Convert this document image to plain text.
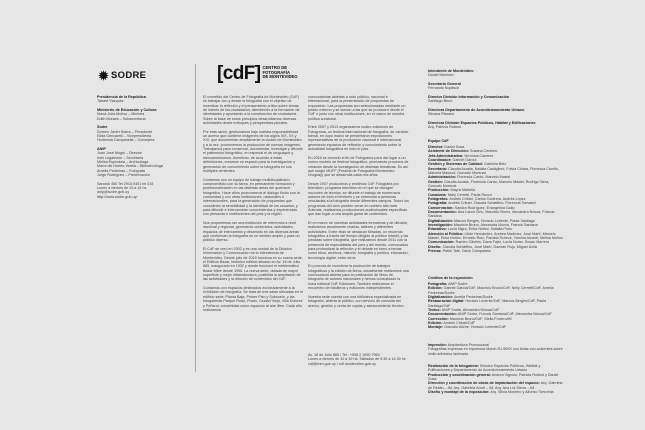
SODRE
Presidencia de la República
Tabaré Vázquez
Ministerio de Educación y Cultura
María Julia Muñoz – Ministra
Edith Moraes – Subsecretaria
Sodre
Doreen Javier Ibarra – Presidente
Elida Gencarelli – Vicepresidenta
Hortensia Campanella – Consejera
ANIP
Juan José Mogni – Director
Inés Legaleone – Secretaria
Melisa Espíndola – Archivóloga
María del Huerto Varela – Bibliotecóloga
Amelia Pedreiras – Fotógrafa
Jorge Rodríguez – Preservación
Sarandí 450 Tel 2915 0401 int 315
Lunes a viernes de 10 a 16 hs
anip@sodre.gub.uy
http://www.sodre.gub.uy/
[cdF] CENTRO DE
FOTOGRAFÍA
DE MONTEVIDEO

El cometido del Centro de Fotografía de Montevideo (CdF) es trabajar con y desde la fotografía con el objetivo de incentivar la reflexión y el pensamiento crítico sobre temas de interés de los ciudadanos, atendiendo a la formación de identidades y apuntando a la construcción de ciudadanía. Sobre la base de estos principios desarrollamos diversas actividades desde enfoques y perspectivas plurales.

Por esta razón, gestionamos bajo nuestra responsabilidad un acervo que contiene imágenes de los siglos XIX, XX y XXI, que documentan ampliamente la ciudad de Montevideo y a la vez, promovemos la producción de nuevas imágenes. Trabajamos para conservar, documentar, investigar y difundir el patrimonio fotográfico, en especial el de uruguayos y latinoamericanos. Asimismo, de acuerdo a estas definiciones, creamos un espacio para la investigación y generación de conocimiento sobre la fotografía en sus múltiples vertientes.

Contamos con un equipo de trabajo multidisciplinario, comprometido con su tarea, en permanente formación y profesionalización en las distintas áreas del quehacer fotográfico. Hace años promovemos el diálogo fluido con la comunidad y con otras instituciones, nacionales e internacionales, para la generación de propuestas que consideren la sensibilidad y la identidad de los usuarios, y para difundir e intercambiar conocimientos y experiencias con personas e instituciones del país y la región.

Nos proponemos ser una institución de referencia a nivel nacional y regional, generando contenidos, actividades, espacios de intercambio y desarrollo en las diversas áreas que conforman la fotografía en un sentido amplio y para un público diverso.

El CdF se creó en 2002 y es una unidad de la División Información y Comunicación de la Intendencia de Montevideo. Desde julio de 2015 funciona en su nueva sede, el Edificio Bazar, histórico edificio situado en Av. 18 de Julio 885, inaugurado en 1932 y donde funcionó el emblemático Bazar Mitre desde 1956. La nueva sede, dotada de mayor superficie y mejor infraestructura, posibilita la ampliación de las actividades y la difusión de contenidos del CdF.

Contamos con espacios destinados exclusivamente a la exhibición de fotografía. Se trata de tres salas ubicadas en el edificio sede: Planta Baja, Primer Piso y Subsuelo, y las fotogalerías Parque Rodó, Prado, Ciudad Vieja, Villa Dolores y Peñarol, concebidas como espacios al aire libre. Cada año realizamos

convocatorias abiertas a todo público, nacional e internacional, para la presentación de propuestas de exposición. Las propuestas son seleccionadas mediante un jurado externo y se suman a las que se producen desde el CdF o junto con otras instituciones, en el marco de nuestra política curatorial.

Entre 2007 y 2013 organizamos cuatro ediciones de Fotograma, un festival internacional de fotografía, de carácter bienal, en cuyo marco se presentaron exposiciones representativas de la producción nacional e internacional, generando espacios de reflexión y conocimiento sobre la actualidad fotográfica en todo el país.

En 2016 se anunció el fin de Fotograma para dar lugar a un nuevo modelo de festival fotográfico, priorizando procesos de creación desde la investigación de distintas temáticas. Es así que surgió MUFF (Festival de Fotografía Montevideo Uruguay) que se desarrolla cada dos años.

Desde 2007 producimos y emitimos CdF Fotografía por televisión, programa televisivo en el que se divulgan nociones de técnica, se difunde el trabajo de numerosos autores de todo el territorio y se entrevista a personas vinculadas a la fotografía desde diferentes campos. Todos los programas del ciclo pueden verse en nuestro sitio web. Además, realizamos producciones audiovisuales específicas que dan lugar a una amplia gama de contenidos.

En el marco de nuestras actividades formativas y de difusión, realizamos anualmente charlas, talleres y diferentes actividades. Entre ellas se destacan Miradas, un recorrido fotográfico a través del tiempo dirigido al público infantil, y las jornadas sobre fotografía, que realizamos desde 2011 con la presencia de especialistas del país y del mundo, convocados para profundizar la reflexión y el debate en torno a temas como ética, archivos, historia, fotografía y política, educación, tecnología digital, entre otros.

En procura de incentivar la producción de trabajos fotográficos y la edición de libros, anualmente realizamos una convocatoria abierta para la publicación de libros de fotografía de autores nacionales y hemos consolidado la línea editorial CdF Ediciones. También realizamos el encuentro de fotolibros y ediciones independientes.

Nuestra sede cuenta con una biblioteca especializada en fotografía, abierta al público, con servicio de consulta del acervo, gestión y venta de copias y asesoramiento técnico.

Av. 18 de Julio 885 / Tel.: +598 2 1950 7960
Lunes a viernes de 10 a 19 hs. Sábados de 9.30 a 14.30 hs
cdf@imm.gub.uy / cdf.montevideo.gub.uy
Intendente de Montevideo
Daniel Martínez
Secretario General
Fernando Nopitsch
Director División Información y Comunicación
Santiago Brum
Directora Departamento de Acondicionamiento Urbano
Silvana Pissano
Directora División Espacios Públicos, Hábitat y Edificaciones
Arq. Patricia Roland
Equipo CdF
Director: Daniel Sosa
Asistente de Dirección: Susana Centeno
Jefa Administrativa: Verónica Cáceres
Coordinador: Gabriel García
Gestión y Sistemas de Calidad: Gabriela Belo
Secretaría: Claudia Acosta, Natalia Castiglioni, Fulvia Chiara, Florencia Cruells, Marcela Masood, Gonzalo Morenat
Administración: Florencia Cardo, Marcelo Masiel
Gestión: Claudia Acosta, Florencia Cardo, Marcelo Masiel, Rodrigo Viera, Gonzalo Morenat
Producción: Mayra Martella
Curaduría: Nelly Cerretti, Paola Rocco
Fotógrafos: Andrés Cribari, Carlos Contrera, Andrés López
Fotografía: Andrés Cribari, Claudia Schiaffino, Florencia Tomasini
Conservación: Sandra Rodríguez, Evangelina Gallo
Documentación: Ana Laura Cirio, Mauricio Bruno, Alexandra Nóvoa, Francis Santana
Digitalización: Marcos Bergés, Horacio Loriente, Paola Santiago
Investigación: Mauricio Bruno, Alexandra Nóvoa, Francis Santana
Educativo: Lucía Nigro, Erika Núñez, Natalia Porto
Atención al Público: Lilián Hernández, Andrea Martínez, José Martí, Marcelo Masiel, Erika Núñez, Ernesto Ruiz, Pamela Scheck, Yamina Aicardi, Melina Muñoz
Comunicación: Ramiro Cibeles, Dana Fajer, Lucía Nolan, Susan Marrero
Diseño: Claudia Schiaffino, José Martí, Damián Rojo, Miguel Ávila
Prensa: Pablo Tate, Darío Campalans
Créditos de la exposición
Fotografía: ANIP Sodre
Edición: Gabriel García/CdF, Mauricio Bruno/CdF, Nelly Cerretti/CdF, Amelia Pedreiras/Sodre
Digitalización: Amelia Pedreiras/Sodre
Restauración digital: Horacio Loriente/CdF, Marcos Bergés/CdF, Paola Santiago/CdF
Textos: ANIP Sodre, Alexandra Nóvoa/CdF
Documentación: ANIP Sodre, Francis Santana/CdF, Alexandra Nóvoa/CdF
Corrección: Mauricio Bruno/CdF, Stella Forrero/IM
Edición: Andrés Cribari/CdF
Montaje: Gonzalo Aliche, Horacio Loriente/CdF
Impresión: Arquitectura Promocional
Fotografías impresas en impresora Mutoh RJ-900X con tintas eco-solventes sobre vinilo adhesivo laminado.
Realización de la fotogalería: División Espacios Públicos, Hábitat y Edificaciones y Departamento de Acondicionamiento Urbano
Producción y coordinación general: Andrea Vignolo, Patricia Roland y Daniel Sosa
Dirección y coordinación de obras de implantación del espacio: Arq. Gabriela de Rellán – IM, Arq. Gabriela Arruti – IM, Arq. Ana Lía Sierra – IM.
Diseño y montaje de la exposición: Arq. Silvia Montero y Alfonso Tortorella
